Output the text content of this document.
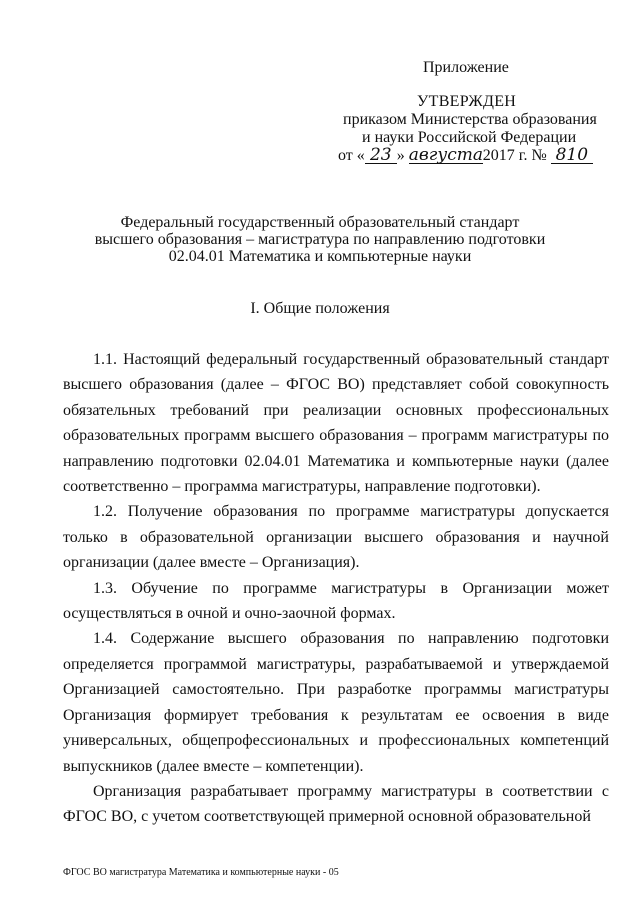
Приложение
УТВЕРЖДЕН
приказом Министерства образования
и науки Российской Федерации
от « 23 » августа2017 г. № 810
Федеральный государственный образовательный стандарт
высшего образования – магистратура по направлению подготовки
02.04.01 Математика и компьютерные науки
I. Общие положения

1.1. Настоящий федеральный государственный образовательный стандарт высшего образования (далее – ФГОС ВО) представляет собой совокупность обязательных требований при реализации основных профессиональных образовательных программ высшего образования – программ магистратуры по направлению подготовки 02.04.01 Математика и компьютерные науки (далее соответственно – программа магистратуры, направление подготовки).

1.2. Получение образования по программе магистратуры допускается только в образовательной организации высшего образования и научной организации (далее вместе – Организация).

1.3. Обучение по программе магистратуры в Организации может осуществляться в очной и очно-заочной формах.

1.4. Содержание высшего образования по направлению подготовки определяется программой магистратуры, разрабатываемой и утверждаемой Организацией самостоятельно. При разработке программы магистратуры Организация формирует требования к результатам ее освоения в виде универсальных, общепрофессиональных и профессиональных компетенций выпускников (далее вместе – компетенции).

Организация разрабатывает программу магистратуры в соответствии с ФГОС ВО, с учетом соответствующей примерной основной образовательной

ФГОС ВО магистратура Математика и компьютерные науки - 05
